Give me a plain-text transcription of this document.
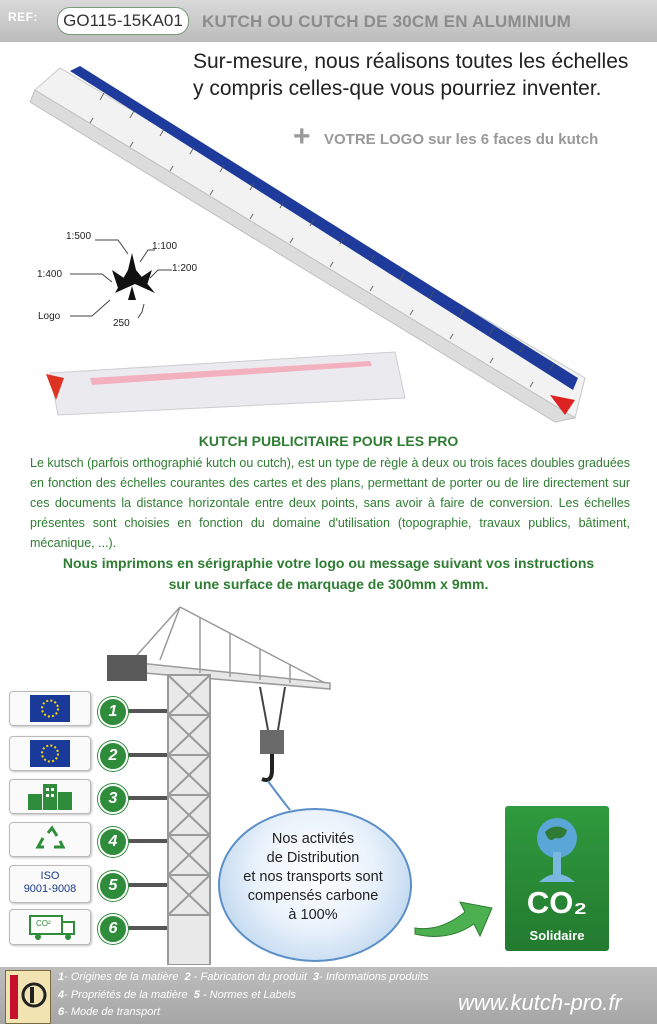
REF:	GO115-15KA01	KUTCH OU CUTCH DE 30CM EN ALUMINIUM
Sur-mesure, nous réalisons toutes les échelles
y compris celles-que vous pourriez inventer.
+ VOTRE LOGO sur les 6 faces du kutch
1:500
1:100
1:400
1:200
Logo
250
KUTCH PUBLICITAIRE POUR LES PRO
Le kutsch (parfois orthographié kutch ou cutch), est un type de règle à deux ou trois faces doubles graduées en fonction des échelles courantes des cartes et des plans, permettant de porter ou de lire directement sur ces documents la distance horizontale entre deux points, sans avoir à faire de conversion. Les échelles présentes sont choisies en fonction du domaine d'utilisation (topographie, travaux publics, bâtiment, mécanique, ...).
Nous imprimons en sérigraphie votre logo ou message suivant vos instructions
sur une surface de marquage de 300mm x 9mm.
ISO
9001-9008
CO²
1
2
3
4
5
6
Nos activités
de Distribution
et nos transports sont
compensés carbone
à 100%	CO₂
Solidaire
1- Origines de la matière 2 - Fabrication du produit 3- Informations produits
4- Propriétés de la matière 5 - Normes et Labels
6- Mode de transport	www.kutch-pro.fr
